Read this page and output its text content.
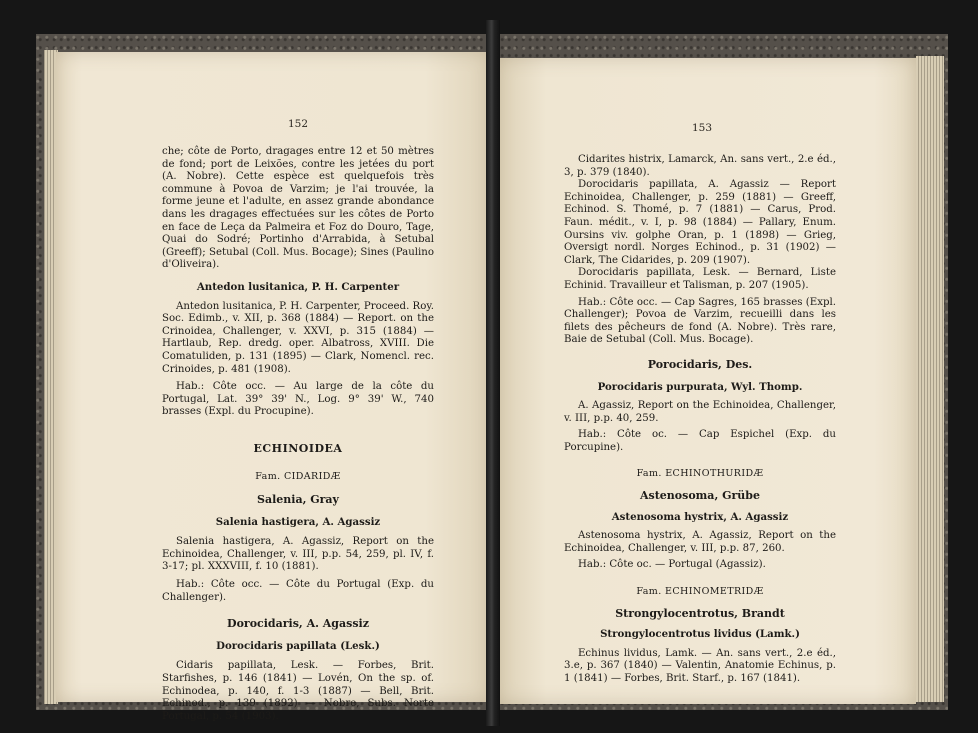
152

che; côte de Porto, dragages entre 12 et 50 mètres de fond; port de Leixões, contre les jetées du port (A. Nobre). Cette espèce est quelquefois très commune à Povoa de Varzim; je l'ai trouvée, la forme jeune et l'adulte, en assez grande abondance dans les dragages effectuées sur les côtes de Porto en face de Leça da Palmeira et Foz do Douro, Tage, Quai do Sodré; Portinho d'Arrabida, à Setubal (Greeff); Setubal (Coll. Mus. Bocage); Sines (Paulino d'Oliveira).

Antedon lusitanica, P. H. Carpenter

Antedon lusitanica, P. H. Carpenter, Proceed. Roy. Soc. Edimb., v. XII, p. 368 (1884) — Report. on the Crinoidea, Challenger, v. XXVI, p. 315 (1884) — Hartlaub, Rep. dredg. oper. Albatross, XVIII. Die Comatuliden, p. 131 (1895) — Clark, Nomencl. rec. Crinoides, p. 481 (1908).

Hab.: Côte occ. — Au large de la côte du Portugal, Lat. 39° 39' N., Log. 9° 39' W., 740 brasses (Expl. du Procupine).

ECHINOIDEA

Fam. CIDARIDÆ

Salenia, Gray

Salenia hastigera, A. Agassiz

Salenia hastigera, A. Agassiz, Report on the Echinoidea, Challenger, v. III, p.p. 54, 259, pl. IV, f. 3-17; pl. XXXVIII, f. 10 (1881).

Hab.: Côte occ. — Côte du Portugal (Exp. du Challenger).

Dorocidaris, A. Agassiz

Dorocidaris papillata (Lesk.)

Cidaris papillata, Lesk. — Forbes, Brit. Starfishes, p. 146 (1841) — Lovén, On the sp. of. Echinodea, p. 140, f. 1-3 (1887) — Bell, Brit. Echinod., p. 139 (1892) — Nobre, Subs. Norte Portugal, p. 54 (1903).

153

Cidarites histrix, Lamarck, An. sans vert., 2.e éd., 3, p. 379 (1840).

Dorocidaris papillata, A. Agassiz — Report Echinoidea, Challenger, p. 259 (1881) — Greeff, Echinod. S. Thomé, p. 7 (1881) — Carus, Prod. Faun. médit., v. I, p. 98 (1884) — Pallary, Enum. Oursins viv. golphe Oran, p. 1 (1898) — Grieg, Oversigt nordl. Norges Echinod., p. 31 (1902) — Clark, The Cidarides, p. 209 (1907).

Dorocidaris papillata, Lesk. — Bernard, Liste Echinid. Travailleur et Talisman, p. 207 (1905).

Hab.: Côte occ. — Cap Sagres, 165 brasses (Expl. Challenger); Povoa de Varzim, recueilli dans les filets des pêcheurs de fond (A. Nobre). Très rare, Baie de Setubal (Coll. Mus. Bocage).

Porocidaris, Des.

Porocidaris purpurata, Wyl. Thomp.

A. Agassiz, Report on the Echinoidea, Challenger, v. III, p.p. 40, 259.

Hab.: Côte oc. — Cap Espichel (Exp. du Porcupine).

Fam. ECHINOTHURIDÆ

Astenosoma, Grübe

Astenosoma hystrix, A. Agassiz

Astenosoma hystrix, A. Agassiz, Report on the Echinoidea, Challenger, v. III, p.p. 87, 260.

Hab.: Côte oc. — Portugal (Agassiz).

Fam. ECHINOMETRIDÆ

Strongylocentrotus, Brandt

Strongylocentrotus lividus (Lamk.)

Echinus lividus, Lamk. — An. sans vert., 2.e éd., 3.e, p. 367 (1840) — Valentin, Anatomie Echinus, p. 1 (1841) — Forbes, Brit. Starf., p. 167 (1841).
